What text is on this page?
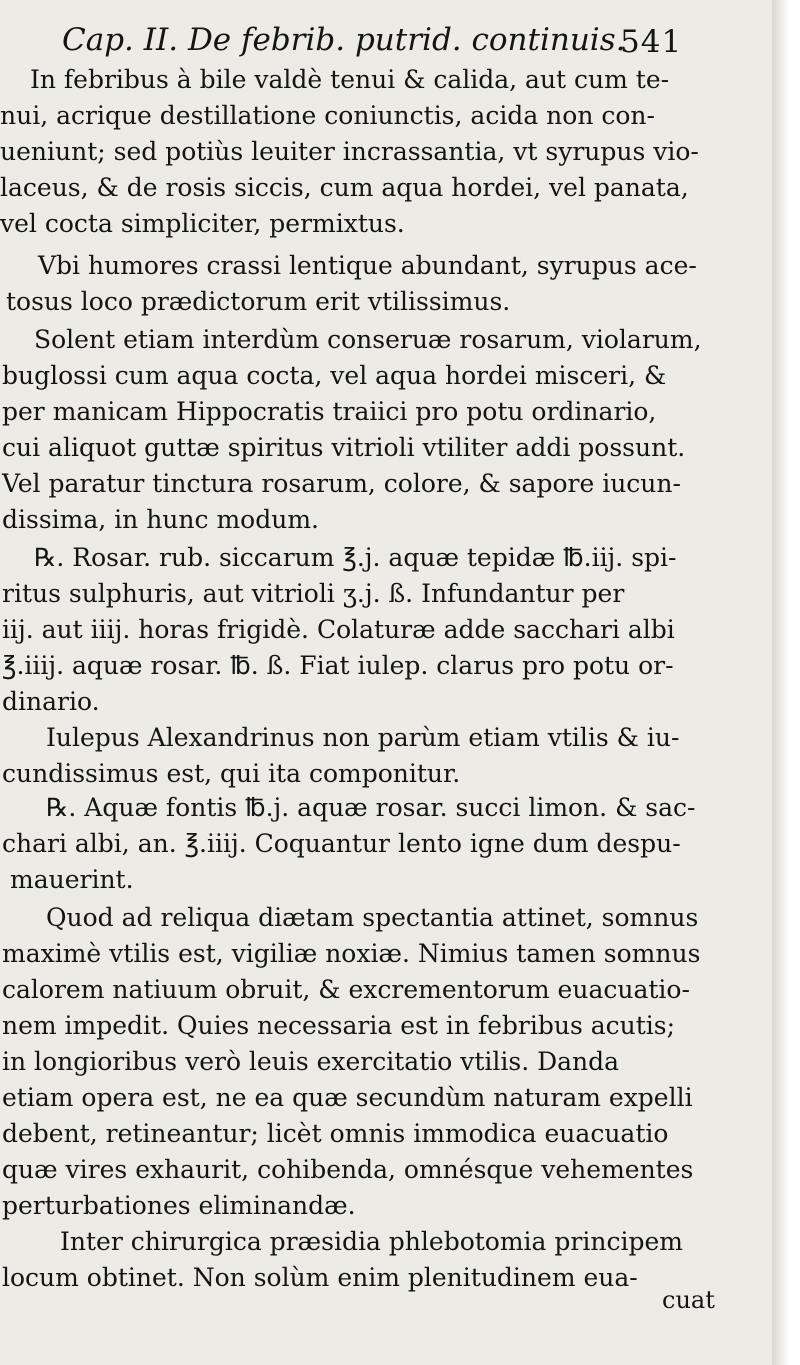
Cap. II. De febrib. putrid. continuis.
541
In febribus à bile valdè tenui & calida, aut cum te-
nui, acrique destillatione coniunctis, acida non con-
ueniunt; sed potiùs leuiter incrassantia, vt syrupus vio-
laceus, & de rosis siccis, cum aqua hordei, vel panata,
vel cocta simpliciter, permixtus.
Vbi humores crassi lentique abundant, syrupus ace-
tosus loco prædictorum erit vtilissimus.
Solent etiam interdùm conseruæ rosarum, violarum,
buglossi cum aqua cocta, vel aqua hordei misceri, &
per manicam Hippocratis traiici pro potu ordinario,
cui aliquot guttæ spiritus vitrioli vtiliter addi possunt.
Vel paratur tinctura rosarum, colore, & sapore iucun-
dissima, in hunc modum.
℞. Rosar. rub. siccarum ℥.j. aquæ tepidæ ℔.iij. spi-
ritus sulphuris, aut vitrioli ʒ.j. ß. Infundantur per
iij. aut iiij. horas frigidè. Colaturæ adde sacchari albi
℥.iiij. aquæ rosar. ℔. ß. Fiat iulep. clarus pro potu or-
dinario.
Iulepus Alexandrinus non parùm etiam vtilis & iu-
cundissimus est, qui ita componitur.
℞. Aquæ fontis ℔.j. aquæ rosar. succi limon. & sac-
chari albi, an. ℥.iiij. Coquantur lento igne dum despu-
mauerint.
Quod ad reliqua diætam spectantia attinet, somnus
maximè vtilis est, vigiliæ noxiæ. Nimius tamen somnus
calorem natiuum obruit, & excrementorum euacuatio-
nem impedit. Quies necessaria est in febribus acutis;
in longioribus verò leuis exercitatio vtilis. Danda
etiam opera est, ne ea quæ secundùm naturam expelli
debent, retineantur; licèt omnis immodica euacuatio
quæ vires exhaurit, cohibenda, omnésque vehementes
perturbationes eliminandæ.
Inter chirurgica præsidia phlebotomia principem
locum obtinet. Non solùm enim plenitudinem eua-
cuat
